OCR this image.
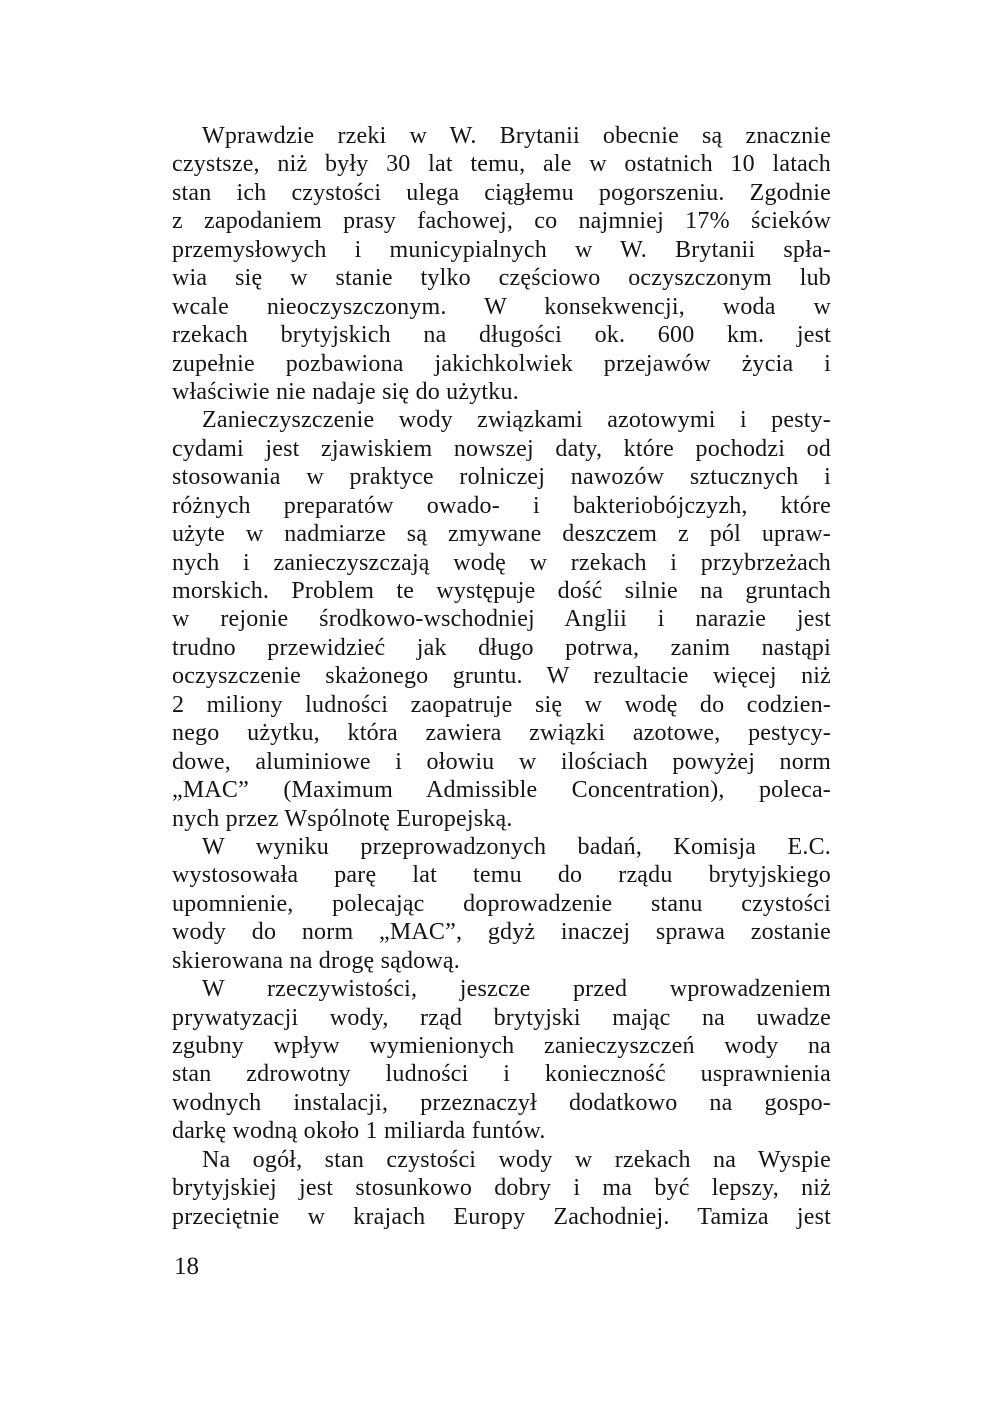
Wprawdzie rzeki w W. Brytanii obecnie są znacznie
czystsze, niż były 30 lat temu, ale w ostatnich 10 latach
stan ich czystości ulega ciągłemu pogorszeniu. Zgodnie
z zapodaniem prasy fachowej, co najmniej 17% ścieków
przemysłowych i municypialnych w W. Brytanii spła-
wia się w stanie tylko częściowo oczyszczonym lub
wcale nieoczyszczonym. W konsekwencji, woda w
rzekach brytyjskich na długości ok. 600 km. jest
zupełnie pozbawiona jakichkolwiek przejawów życia i
właściwie nie nadaje się do użytku.
Zanieczyszczenie wody związkami azotowymi i pesty-
cydami jest zjawiskiem nowszej daty, które pochodzi od
stosowania w praktyce rolniczej nawozów sztucznych i
różnych preparatów owado- i bakteriobójczyzh, które
użyte w nadmiarze są zmywane deszczem z pól upraw-
nych i zanieczyszczają wodę w rzekach i przybrzeżach
morskich. Problem te występuje dość silnie na gruntach
w rejonie środkowo-wschodniej Anglii i narazie jest
trudno przewidzieć jak długo potrwa, zanim nastąpi
oczyszczenie skażonego gruntu. W rezultacie więcej niż
2 miliony ludności zaopatruje się w wodę do codzien-
nego użytku, która zawiera związki azotowe, pestycy-
dowe, aluminiowe i ołowiu w ilościach powyżej norm
„MAC” (Maximum Admissible Concentration), poleca-
nych przez Wspólnotę Europejską.
W wyniku przeprowadzonych badań, Komisja E.C.
wystosowała parę lat temu do rządu brytyjskiego
upomnienie, polecając doprowadzenie stanu czystości
wody do norm „MAC”, gdyż inaczej sprawa zostanie
skierowana na drogę sądową.
W rzeczywistości, jeszcze przed wprowadzeniem
prywatyzacji wody, rząd brytyjski mając na uwadze
zgubny wpływ wymienionych zanieczyszczeń wody na
stan zdrowotny ludności i konieczność usprawnienia
wodnych instalacji, przeznaczył dodatkowo na gospo-
darkę wodną około 1 miliarda funtów.
Na ogół, stan czystości wody w rzekach na Wyspie
brytyjskiej jest stosunkowo dobry i ma być lepszy, niż
przeciętnie w krajach Europy Zachodniej. Tamiza jest
18
